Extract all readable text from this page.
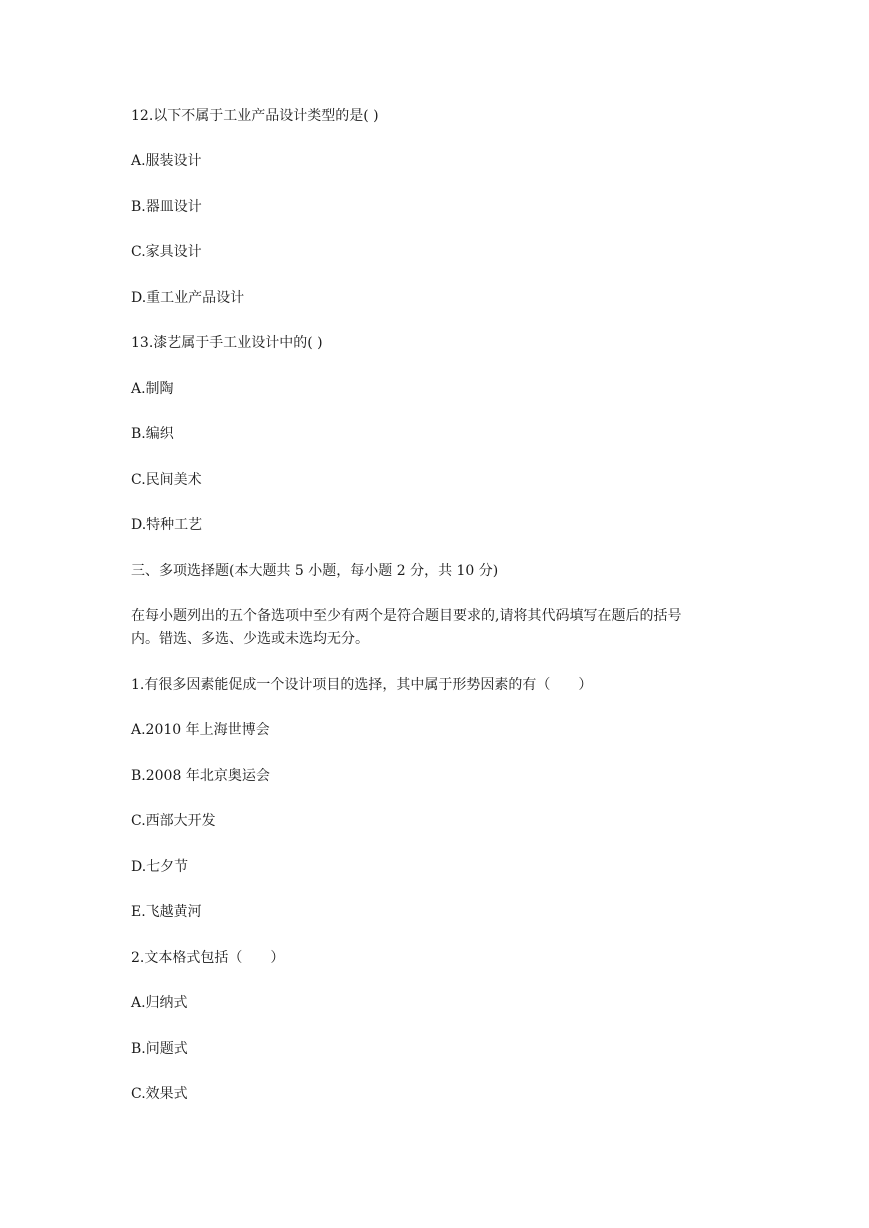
12.以下不属于工业产品设计类型的是( )
A.服装设计
B.器皿设计
C.家具设计
D.重工业产品设计
13.漆艺属于手工业设计中的( )
A.制陶
B.编织
C.民间美术
D.特种工艺
三、多项选择题(本大题共 5 小题，每小题 2 分，共 10 分)
在每小题列出的五个备选项中至少有两个是符合题目要求的,请将其代码填写在题后的括号
内。错选、多选、少选或未选均无分。
1.有很多因素能促成一个设计项目的选择，其中属于形势因素的有（　　）
A.2010 年上海世博会
B.2008 年北京奥运会
C.西部大开发
D.七夕节
E.飞越黄河
2.文本格式包括（　　）
A.归纳式
B.问题式
C.效果式
